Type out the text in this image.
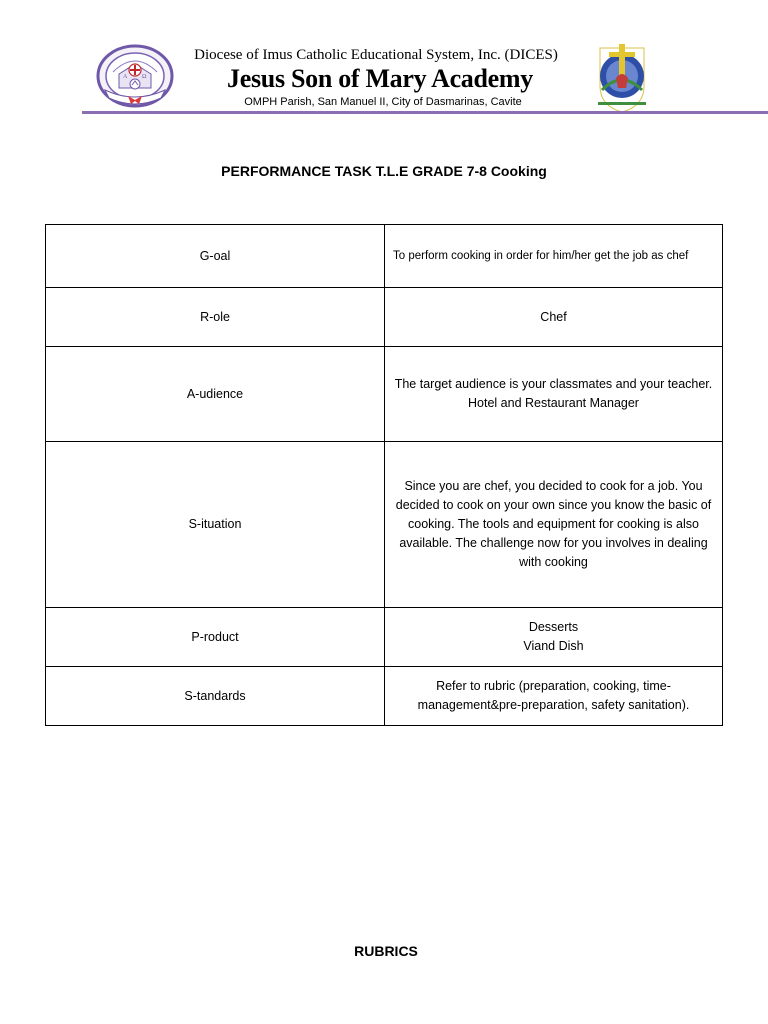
A Ω
Diocese of Imus Catholic Educational System, Inc. (DICES)
Jesus Son of Mary Academy
OMPH Parish, San Manuel II, City of Dasmarinas, Cavite
PERFORMANCE TASK T.L.E GRADE 7-8 Cooking
G-oal	To perform cooking in order for him/her get the job as chef

R-ole	Chef
A-udience	The target audience is your classmates and your teacher.
Hotel and Restaurant Manager
S-ituation	Since you are chef, you decided to cook for a job. You decided to cook on your own since you know the basic of cooking. The tools and equipment for cooking is also available. The challenge now for you involves in dealing with cooking
P-roduct	Desserts
Viand Dish
S-tandards	Refer to rubric (preparation, cooking, time-management&pre-preparation, safety sanitation).
RUBRICS
